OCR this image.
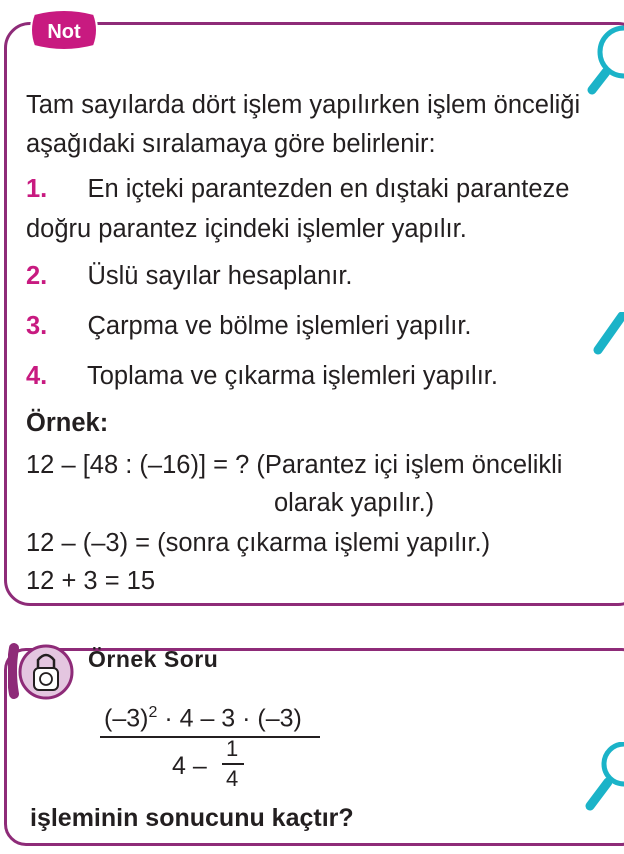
Not
Tam sayılarda dört işlem yapılırken işlem önceliği
aşağıdaki sıralamaya göre belirlenir:
1. En içteki parantezden en dıştaki paranteze
doğru parantez içindeki işlemler yapılır.
2. Üslü sayılar hesaplanır.
3. Çarpma ve bölme işlemleri yapılır.
4. Toplama ve çıkarma işlemleri yapılır.
Örnek:
12 – [48 : (–16)] = ? (Parantez içi işlem öncelikli
olarak yapılır.)
12 – (–3) = (sonra çıkarma işlemi yapılır.)
12 + 3 = 15
Örnek Soru
$(-3)^2 \cdot 4 - 3 \cdot (-3)$
4 –
1
4
işleminin sonucunu kaçtır?
